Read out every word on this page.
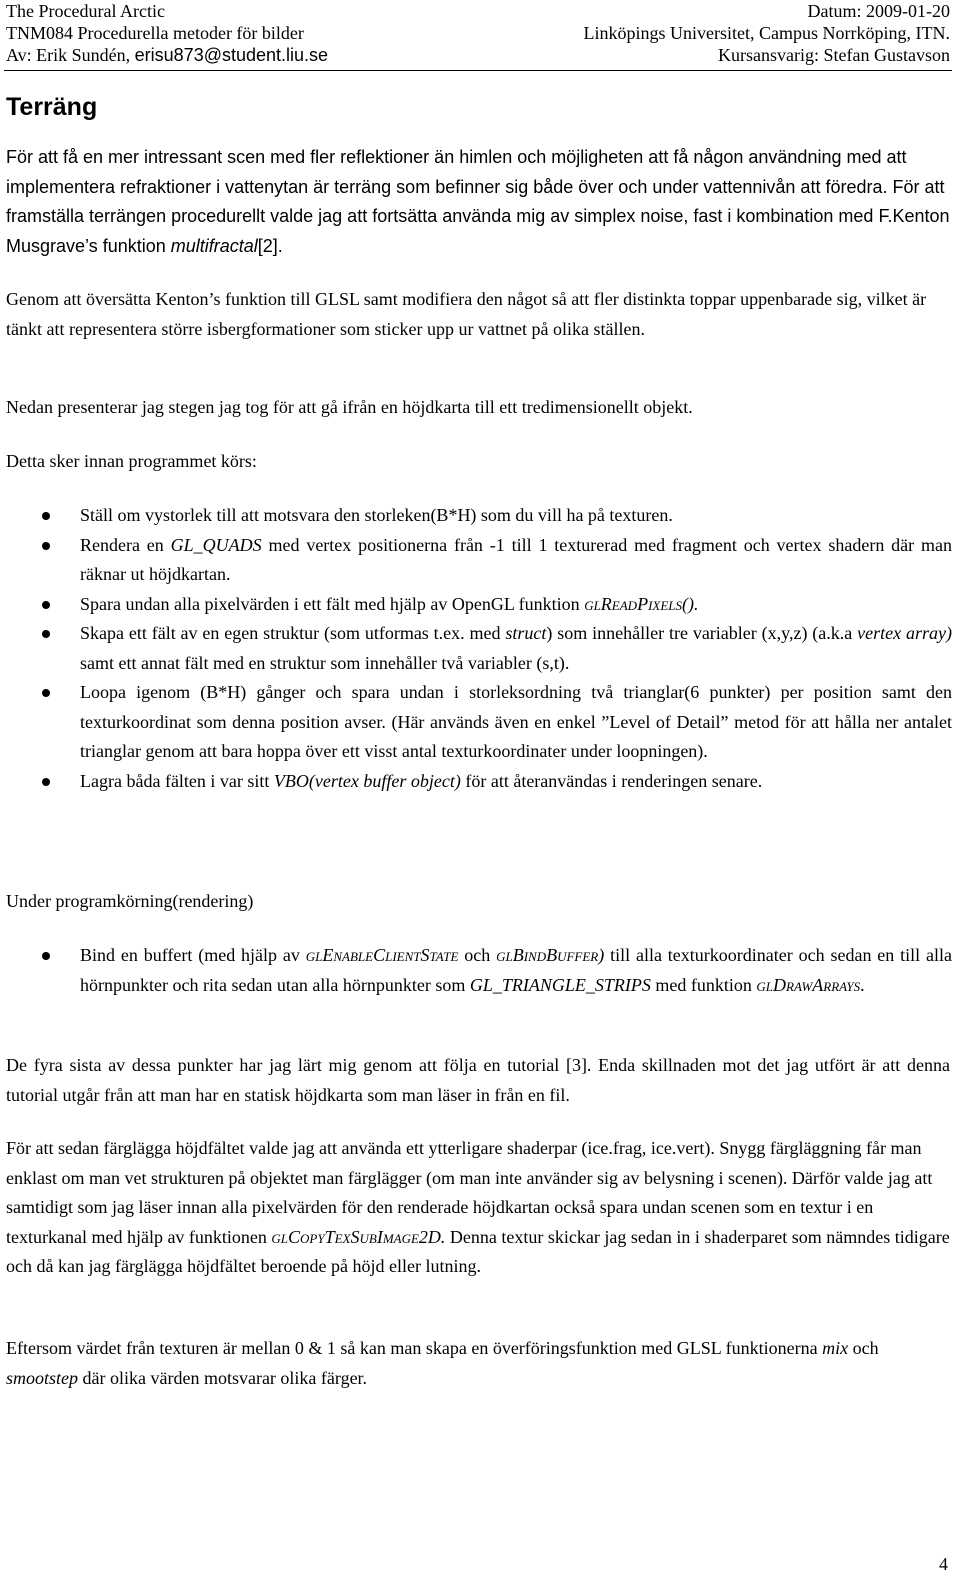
The Procedural Arctic	Datum: 2009-01-20
TNM084 Procedurella metoder för bilder	Linköpings Universitet, Campus Norrköping, ITN.
Av: Erik Sundén, erisu873@student.liu.se	Kursansvarig: Stefan Gustavson
Terräng

För att få en mer intressant scen med fler reflektioner än himlen och möjligheten att få någon användning med att implementera refraktioner i vattenytan är terräng som befinner sig både över och under vattennivån att föredra. För att framställa terrängen procedurellt valde jag att fortsätta använda mig av simplex noise, fast i kombination med F.Kenton Musgrave’s funktion multifractal[2].

Genom att översätta Kenton’s funktion till GLSL samt modifiera den något så att fler distinkta toppar uppenbarade sig, vilket är tänkt att representera större isbergformationer som sticker upp ur vattnet på olika ställen.

Nedan presenterar jag stegen jag tog för att gå ifrån en höjdkarta till ett tredimensionellt objekt.

Detta sker innan programmet körs:

Ställ om vystorlek till att motsvara den storleken(B*H) som du vill ha på texturen.
Rendera en GL_QUADS med vertex positionerna från -1 till 1 texturerad med fragment och vertex shadern där man räknar ut höjdkartan.
Spara undan alla pixelvärden i ett fält med hjälp av OpenGL funktion glReadPixels().
Skapa ett fält av en egen struktur (som utformas t.ex. med struct) som innehåller tre variabler (x,y,z) (a.k.a vertex array) samt ett annat fält med en struktur som innehåller två variabler (s,t).
Loopa igenom (B*H) gånger och spara undan i storleksordning två trianglar(6 punkter) per position samt den texturkoordinat som denna position avser. (Här används även en enkel ”Level of Detail” metod för att hålla ner antalet trianglar genom att bara hoppa över ett visst antal texturkoordinater under loopningen).
Lagra båda fälten i var sitt VBO(vertex buffer object) för att återanvändas i renderingen senare.

Under programkörning(rendering)

Bind en buffert (med hjälp av glEnableClientState och glBindBuffer) till alla texturkoordinater och sedan en till alla hörnpunkter och rita sedan utan alla hörnpunkter som GL_TRIANGLE_STRIPS med funktion glDrawArrays.

De fyra sista av dessa punkter har jag lärt mig genom att följa en tutorial [3]. Enda skillnaden mot det jag utfört är att denna tutorial utgår från att man har en statisk höjdkarta som man läser in från en fil.

För att sedan färglägga höjdfältet valde jag att använda ett ytterligare shaderpar (ice.frag, ice.vert). Snygg färgläggning får man enklast om man vet strukturen på objektet man färglägger (om man inte använder sig av belysning i scenen). Därför valde jag att samtidigt som jag läser innan alla pixelvärden för den renderade höjdkartan också spara undan scenen som en textur i en texturkanal med hjälp av funktionen glCopyTexSubImage2D. Denna textur skickar jag sedan in i shaderparet som nämndes tidigare och då kan jag färglägga höjdfältet beroende på höjd eller lutning.

Eftersom värdet från texturen är mellan 0 & 1 så kan man skapa en överföringsfunktion med GLSL funktionerna mix och smootstep där olika värden motsvarar olika färger.

4
